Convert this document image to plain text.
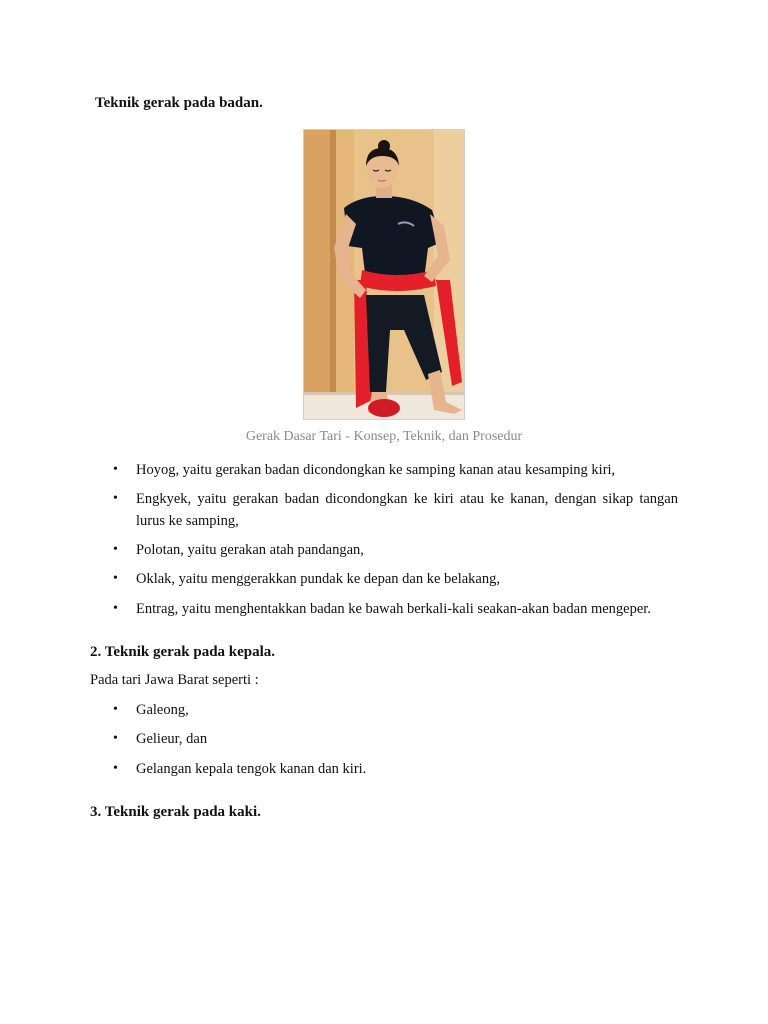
Teknik gerak pada badan.
Gerak Dasar Tari - Konsep, Teknik, dan Prosedur
• Hoyog, yaitu gerakan badan dicondongkan ke samping kanan atau kesamping kiri,
• Engkyek, yaitu gerakan badan dicondongkan ke kiri atau ke kanan, dengan sikap tangan lurus ke samping,
• Polotan, yaitu gerakan atah pandangan,
• Oklak, yaitu menggerakkan pundak ke depan dan ke belakang,
• Entrag, yaitu menghentakkan badan ke bawah berkali-kali seakan-akan badan mengeper.
2. Teknik gerak pada kepala.
Pada tari Jawa Barat seperti :
• Galeong,
• Gelieur, dan
• Gelangan kepala tengok kanan dan kiri.
3. Teknik gerak pada kaki.
